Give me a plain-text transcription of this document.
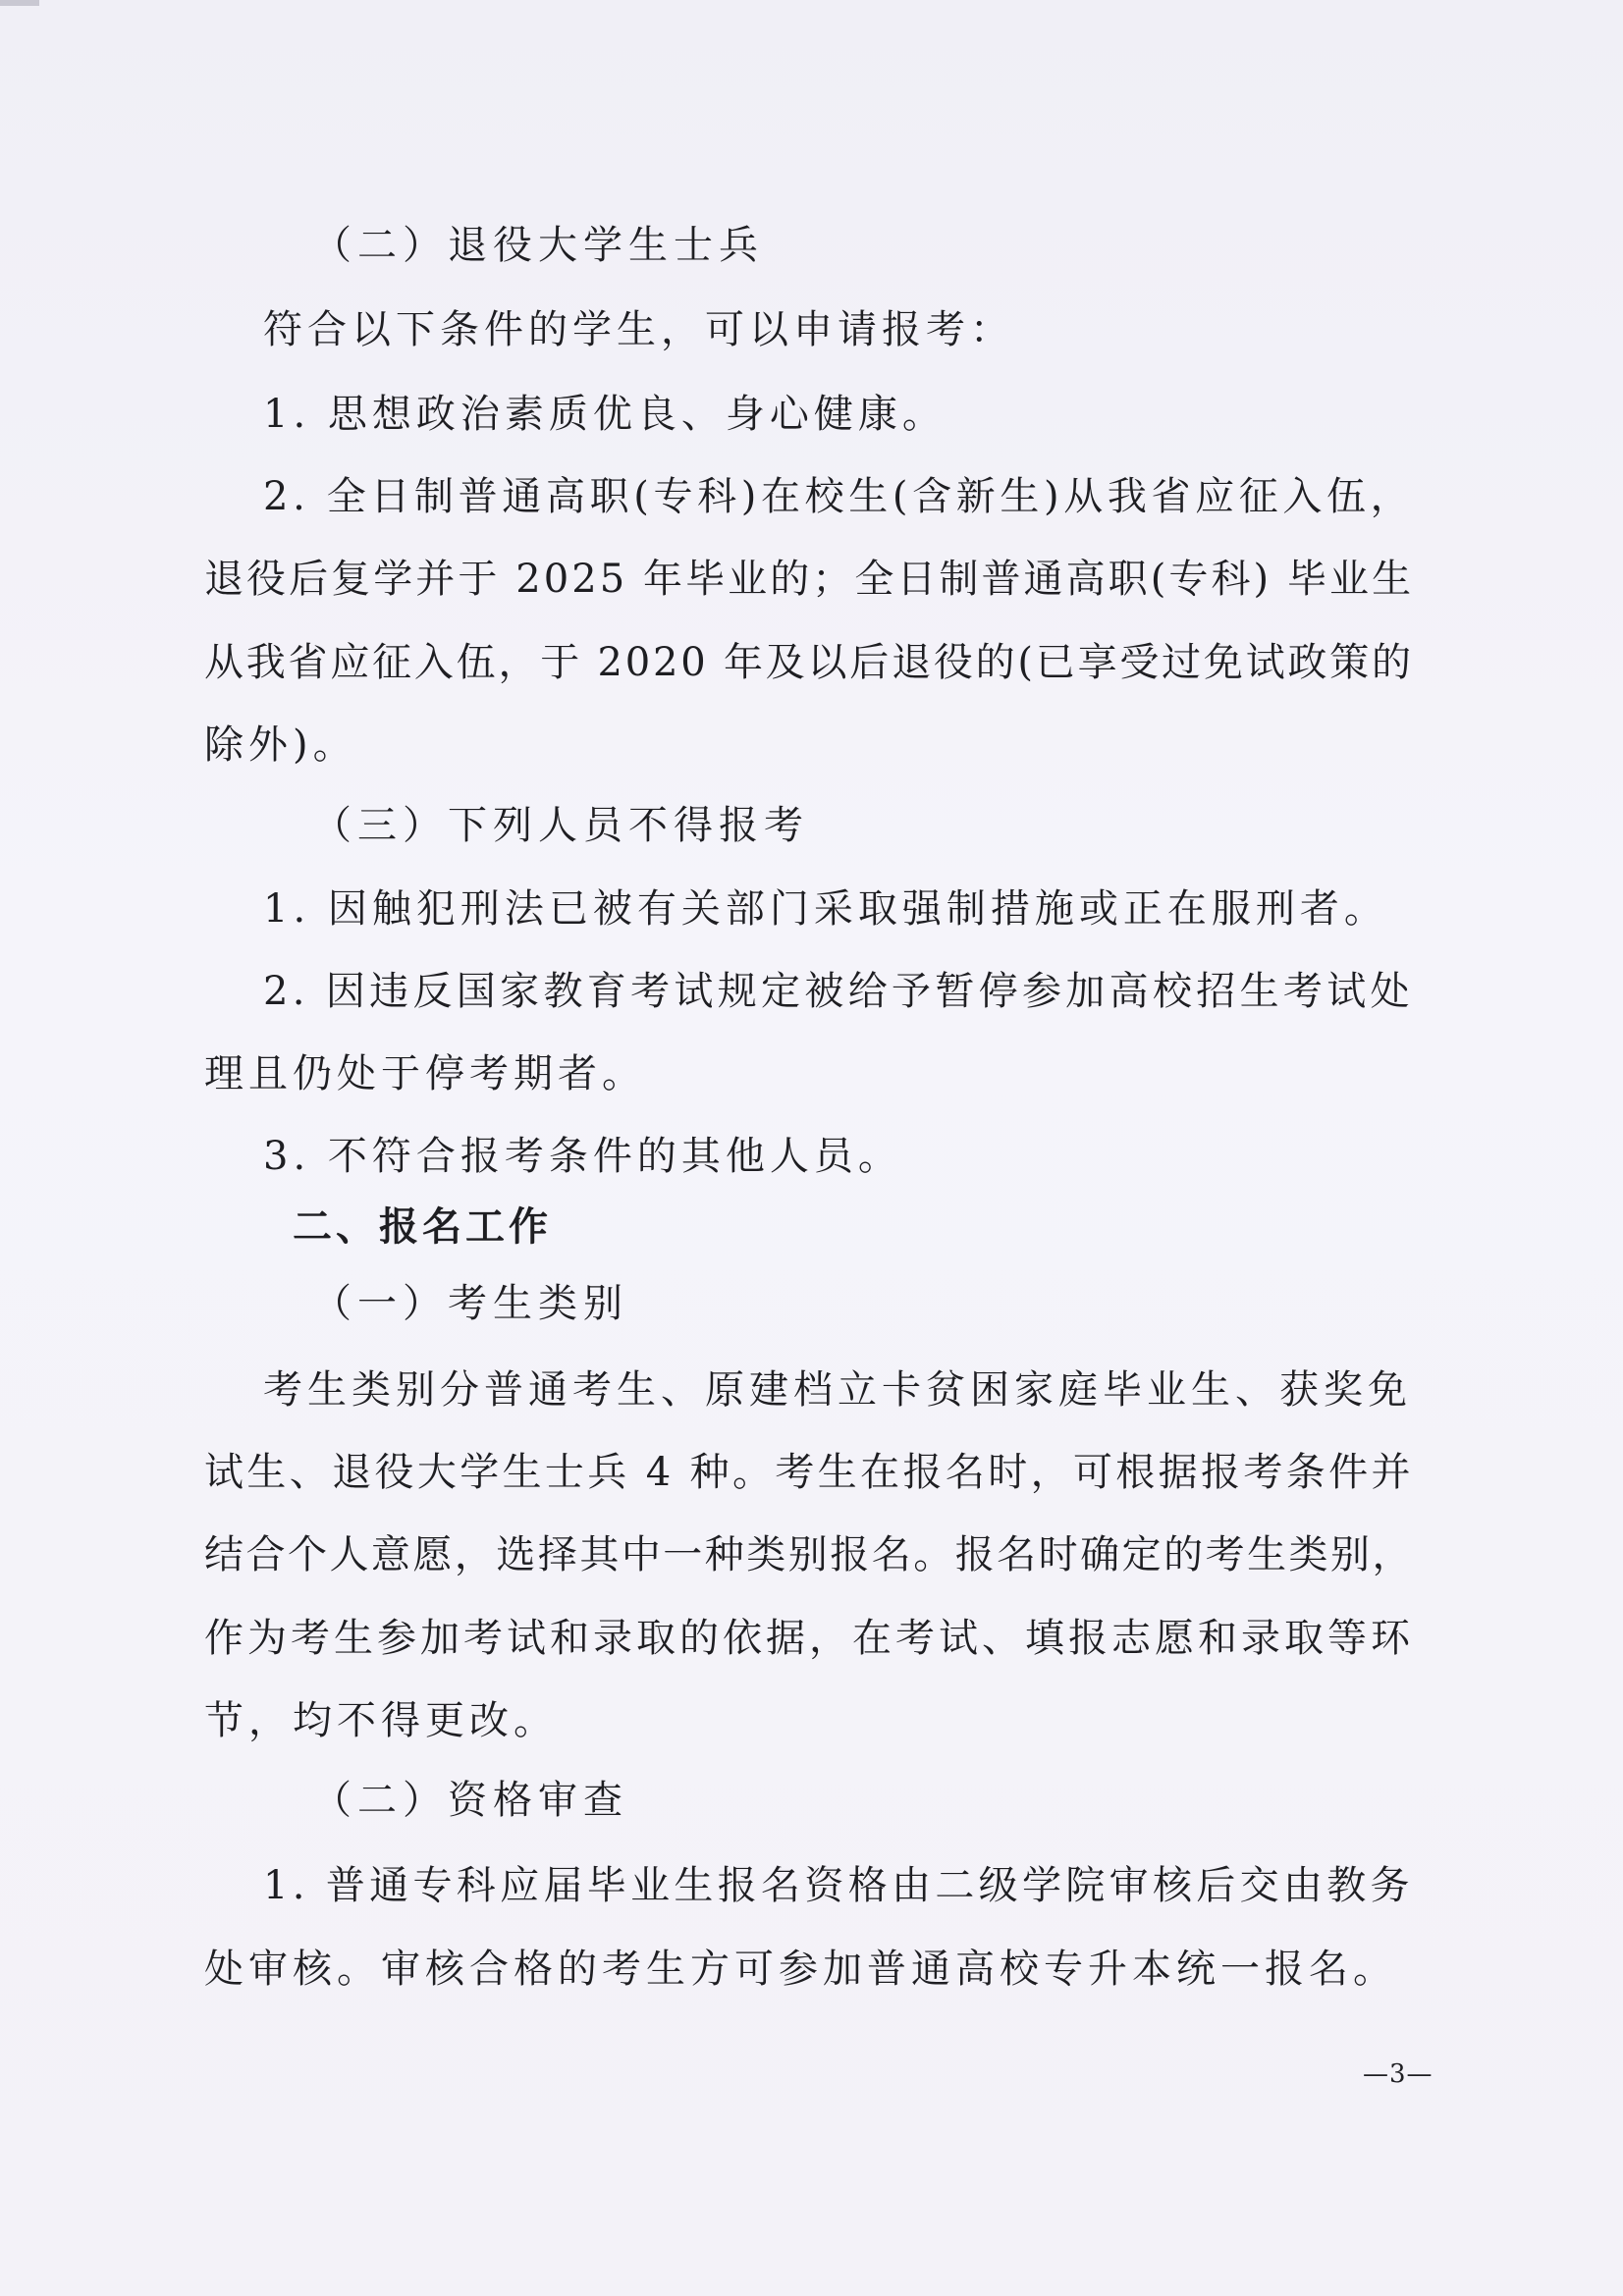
（二）退役大学生士兵
符合以下条件的学生，可以申请报考：
1. 思想政治素质优良、身心健康。
2. 全日制普通高职(专科)在校生(含新生)从我省应征入伍，
退役后复学并于 2025 年毕业的；全日制普通高职(专科) 毕业生
从我省应征入伍，于 2020 年及以后退役的(已享受过免试政策的
除外)。
（三）下列人员不得报考
1. 因触犯刑法已被有关部门采取强制措施或正在服刑者。
2. 因违反国家教育考试规定被给予暂停参加高校招生考试处
理且仍处于停考期者。
3. 不符合报考条件的其他人员。
二、报名工作
（一）考生类别
考生类别分普通考生、原建档立卡贫困家庭毕业生、获奖免
试生、退役大学生士兵 4 种。考生在报名时，可根据报考条件并
结合个人意愿，选择其中一种类别报名。报名时确定的考生类别，
作为考生参加考试和录取的依据，在考试、填报志愿和录取等环
节，均不得更改。
（二）资格审查
1. 普通专科应届毕业生报名资格由二级学院审核后交由教务
处审核。审核合格的考生方可参加普通高校专升本统一报名。
—3—
